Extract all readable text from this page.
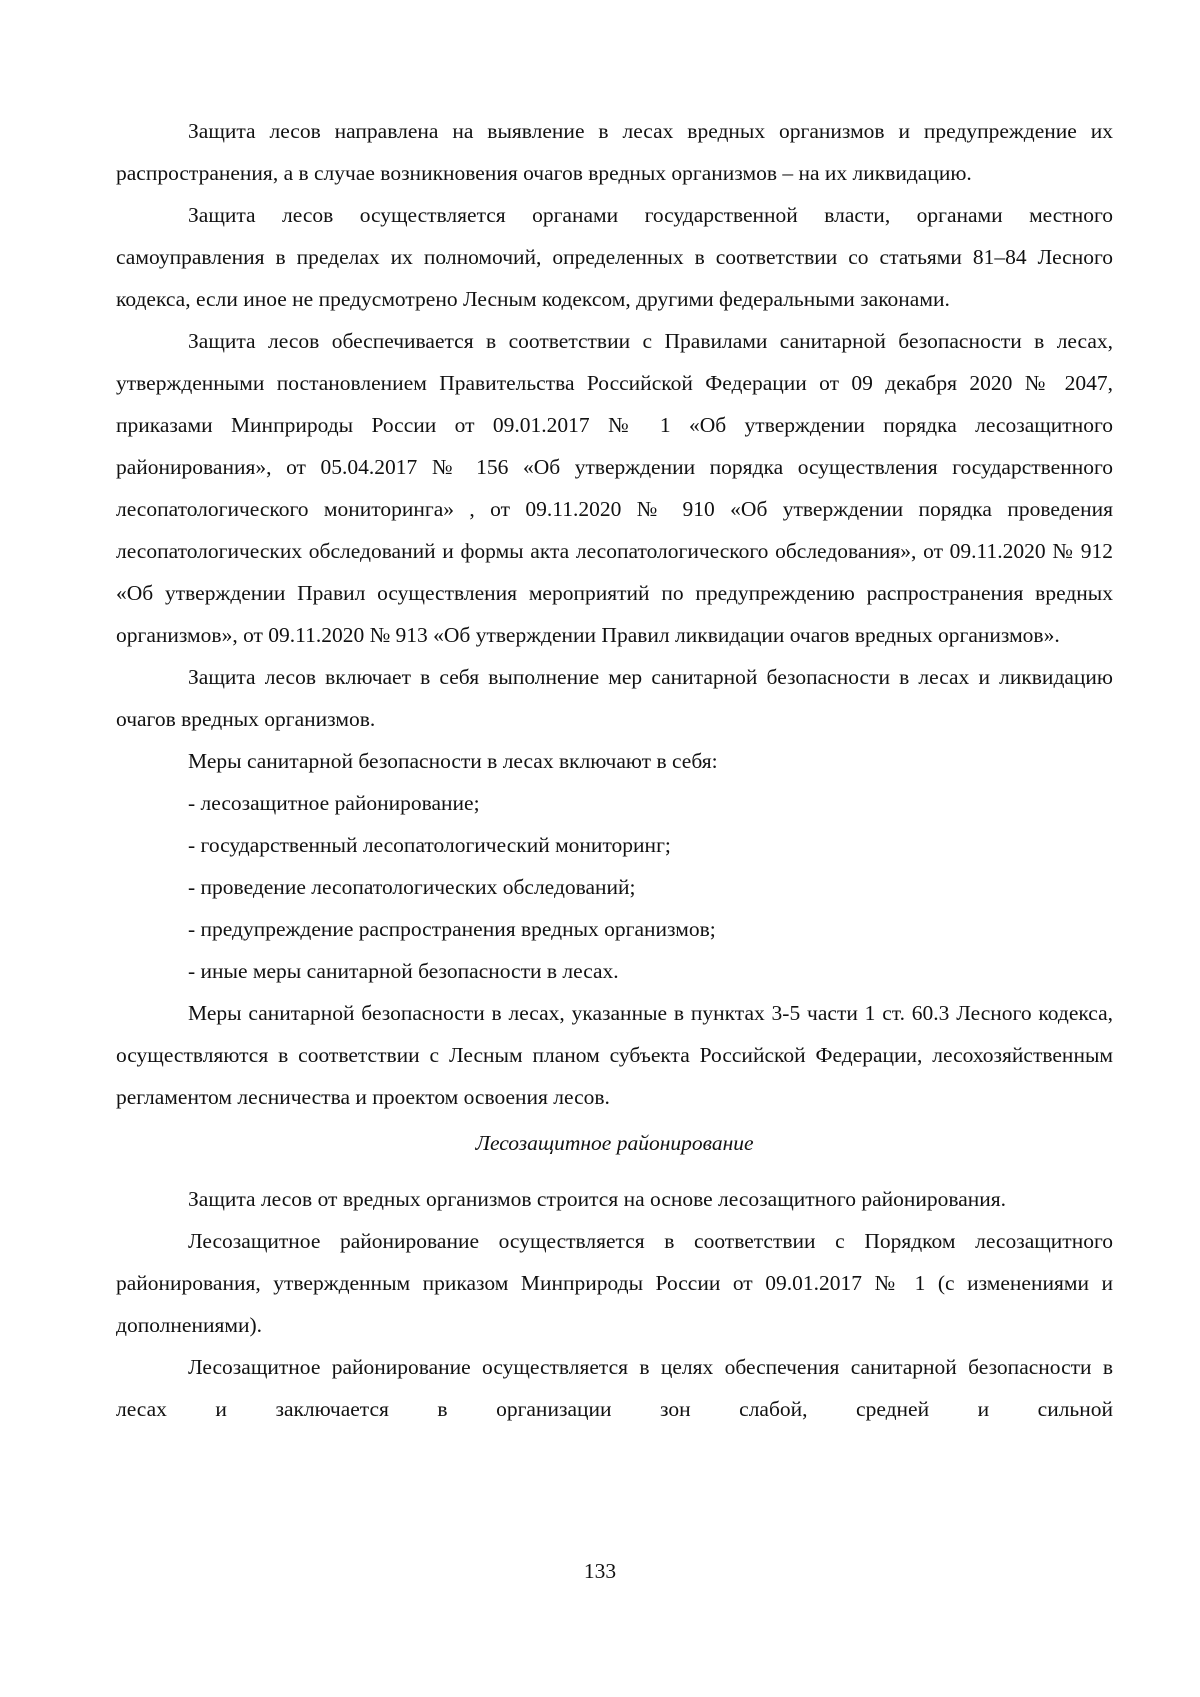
Защита лесов направлена на выявление в лесах вредных организмов и предупреждение их распространения, а в случае возникновения очагов вредных организмов – на их ликвидацию.

Защита лесов осуществляется органами государственной власти, органами местного самоуправления в пределах их полномочий, определенных в соответствии со статьями 81–84 Лесного кодекса, если иное не предусмотрено Лесным кодексом, другими федеральными законами.

Защита лесов обеспечивается в соответствии с Правилами санитарной безопасности в лесах, утвержденными постановлением Правительства Российской Федерации от 09 декабря 2020 № 2047, приказами Минприроды России от 09.01.2017 № 1 «Об утверждении порядка лесозащитного районирования», от 05.04.2017 № 156 «Об утверждении порядка осуществления государственного лесопатологического мониторинга» , от 09.11.2020 № 910 «Об утверждении порядка проведения лесопатологических обследований и формы акта лесопатологического обследования», от 09.11.2020 № 912 «Об утверждении Правил осуществления мероприятий по предупреждению распространения вредных организмов», от 09.11.2020 № 913 «Об утверждении Правил ликвидации очагов вредных организмов».

Защита лесов включает в себя выполнение мер санитарной безопасности в лесах и ликвидацию очагов вредных организмов.

Меры санитарной безопасности в лесах включают в себя:

- лесозащитное районирование;

- государственный лесопатологический мониторинг;

- проведение лесопатологических обследований;

- предупреждение распространения вредных организмов;

- иные меры санитарной безопасности в лесах.

Меры санитарной безопасности в лесах, указанные в пунктах 3-5 части 1 ст. 60.3 Лесного кодекса, осуществляются в соответствии с Лесным планом субъекта Российской Федерации, лесохозяйственным регламентом лесничества и проектом освоения лесов.

Лесозащитное районирование

Защита лесов от вредных организмов строится на основе лесозащитного районирования.

Лесозащитное районирование осуществляется в соответствии с Порядком лесозащитного районирования, утвержденным приказом Минприроды России от 09.01.2017 № 1 (с изменениями и дополнениями).

Лесозащитное районирование осуществляется в целях обеспечения санитарной безопасности в лесах и заключается в организации зон слабой, средней и сильной

133
